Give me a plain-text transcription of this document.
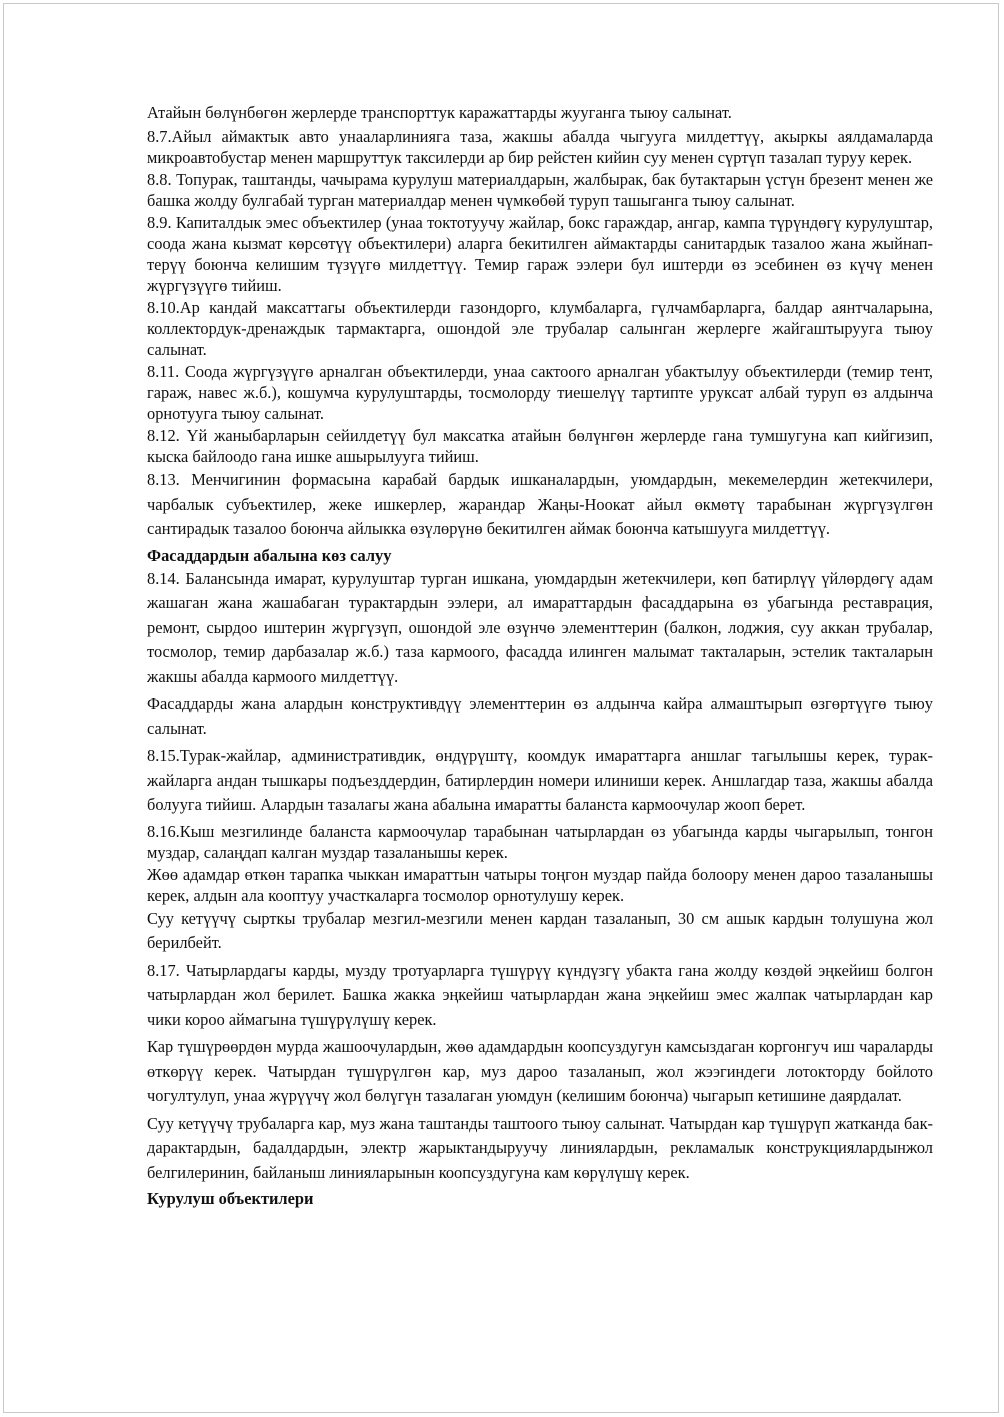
Атайын бөлүнбөгөн жерлерде транспорттук каражаттарды жууганга тыюу салынат.

8.7.Айыл аймактык авто унааларлинияга таза, жакшы абалда чыгууга милдеттүү, акыркы аялдамаларда микроавтобустар менен маршруттук таксилерди ар бир рейстен кийин суу менен сүртүп тазалап туруу керек.

8.8. Топурак, таштанды, чачырама курулуш материалдарын, жалбырак, бак бутактарын үстүн брезент менен же башка жолду булгабай турган материалдар менен чүмкөбөй туруп ташыганга тыюу салынат.

8.9. Капиталдык эмес объектилер (унаа токтотуучу жайлар, бокс гараждар, ангар, кампа түрүндөгү курулуштар, соода жана кызмат көрсөтүү объектилери) аларга бекитилген аймактарды санитардык тазалоо жана жыйнап-терүү боюнча келишим түзүүгө милдеттүү. Темир гараж ээлери бул иштерди өз эсебинен өз күчү менен жүргүзүүгө тийиш.

8.10.Ар кандай максаттагы объектилерди газондорго, клумбаларга, гүлчамбарларга, балдар аянтчаларына, коллектордук-дренаждык тармактарга, ошондой эле трубалар салынган жерлерге жайгаштырууга тыюу салынат.

8.11. Соода жүргүзүүгө арналган объектилерди, унаа сактоого арналган убактылуу объектилерди (темир тент, гараж, навес ж.б.), кошумча курулуштарды, тосмолорду тиешелүү тартипте уруксат албай туруп өз алдынча орнотууга тыюу салынат.

8.12. Үй жаныбарларын сейилдетүү бул максатка атайын бөлүнгөн жерлерде гана тумшугуна кап кийгизип, кыска байлоодо гана ишке ашырылууга тийиш.

8.13. Менчигинин формасына карабай бардык ишканалардын, уюмдардын, мекемелердин жетекчилери, чарбалык субъектилер, жеке ишкерлер, жарандар Жаңы-Ноокат айыл өкмөтү тарабынан жүргүзүлгөн сантирадык тазалоо боюнча айлыкка өзүлөрүнө бекитилген аймак боюнча катышууга милдеттүү.

Фасаддардын абалына көз салуу

8.14. Балансында имарат, курулуштар турган ишкана, уюмдардын жетекчилери, көп батирлүү үйлөрдөгү адам жашаган жана жашабаган турактардын ээлери, ал имараттардын фасаддарына өз убагында реставрация, ремонт, сырдоо иштерин жүргүзүп, ошондой эле өзүнчө элементтерин (балкон, лоджия, суу аккан трубалар, тосмолор, темир дарбазалар ж.б.) таза кармоого, фасадда илинген малымат такталарын, эстелик такталарын жакшы абалда кармоого милдеттүү.

Фасаддарды жана алардын конструктивдүү элементтерин өз алдынча кайра алмаштырып өзгөртүүгө тыюу салынат.

8.15.Турак-жайлар, административдик, өндүрүштү, коомдук имараттарга аншлаг тагылышы керек, турак-жайларга андан тышкары подъезддердин, батирлердин номери илиниши керек. Аншлагдар таза, жакшы абалда болууга тийиш. Алардын тазалагы жана абалына имаратты баланста кармоочулар жооп берет.

8.16.Кыш мезгилинде баланста кармоочулар тарабынан чатырлардан өз убагында карды чыгарылып, тонгон муздар, салаңдап калган муздар тазаланышы керек.

Жөө адамдар өткөн тарапка чыккан имараттын чатыры тоңгон муздар пайда болоору менен дароо тазаланышы керек, алдын ала кооптуу участкаларга тосмолор орнотулушу керек.

Суу кетүүчү сырткы трубалар мезгил-мезгили менен кардан тазаланып, 30 см ашык кардын толушуна жол берилбейт.

8.17. Чатырлардагы карды, музду тротуарларга түшүрүү күндүзгү убакта гана жолду көздөй эңкейиш болгон чатырлардан жол берилет. Башка жакка эңкейиш чатырлардан жана эңкейиш эмес жалпак чатырлардан кар чики короо аймагына түшүрүлүшү керек.

Кар түшүрөөрдөн мурда жашоочулардын, жөө адамдардын коопсуздугун камсыздаган коргонгуч иш чараларды өткөрүү керек. Чатырдан түшүрүлгөн кар, муз дароо тазаланып, жол жээгиндеги лотокторду бойлото чогултулуп, унаа жүрүүчү жол бөлүгүн тазалаган уюмдун (келишим боюнча) чыгарып кетишине даярдалат.

Суу кетүүчү трубаларга кар, муз жана таштанды таштоого тыюу салынат. Чатырдан кар түшүрүп жатканда бак-дарактардын, бадалдардын, электр жарыктандыруучу линиялардын, рекламалык конструкциялардынжол белгилеринин, байланыш линияларынын коопсуздугуна кам көрүлүшү керек.

Курулуш объектилери
